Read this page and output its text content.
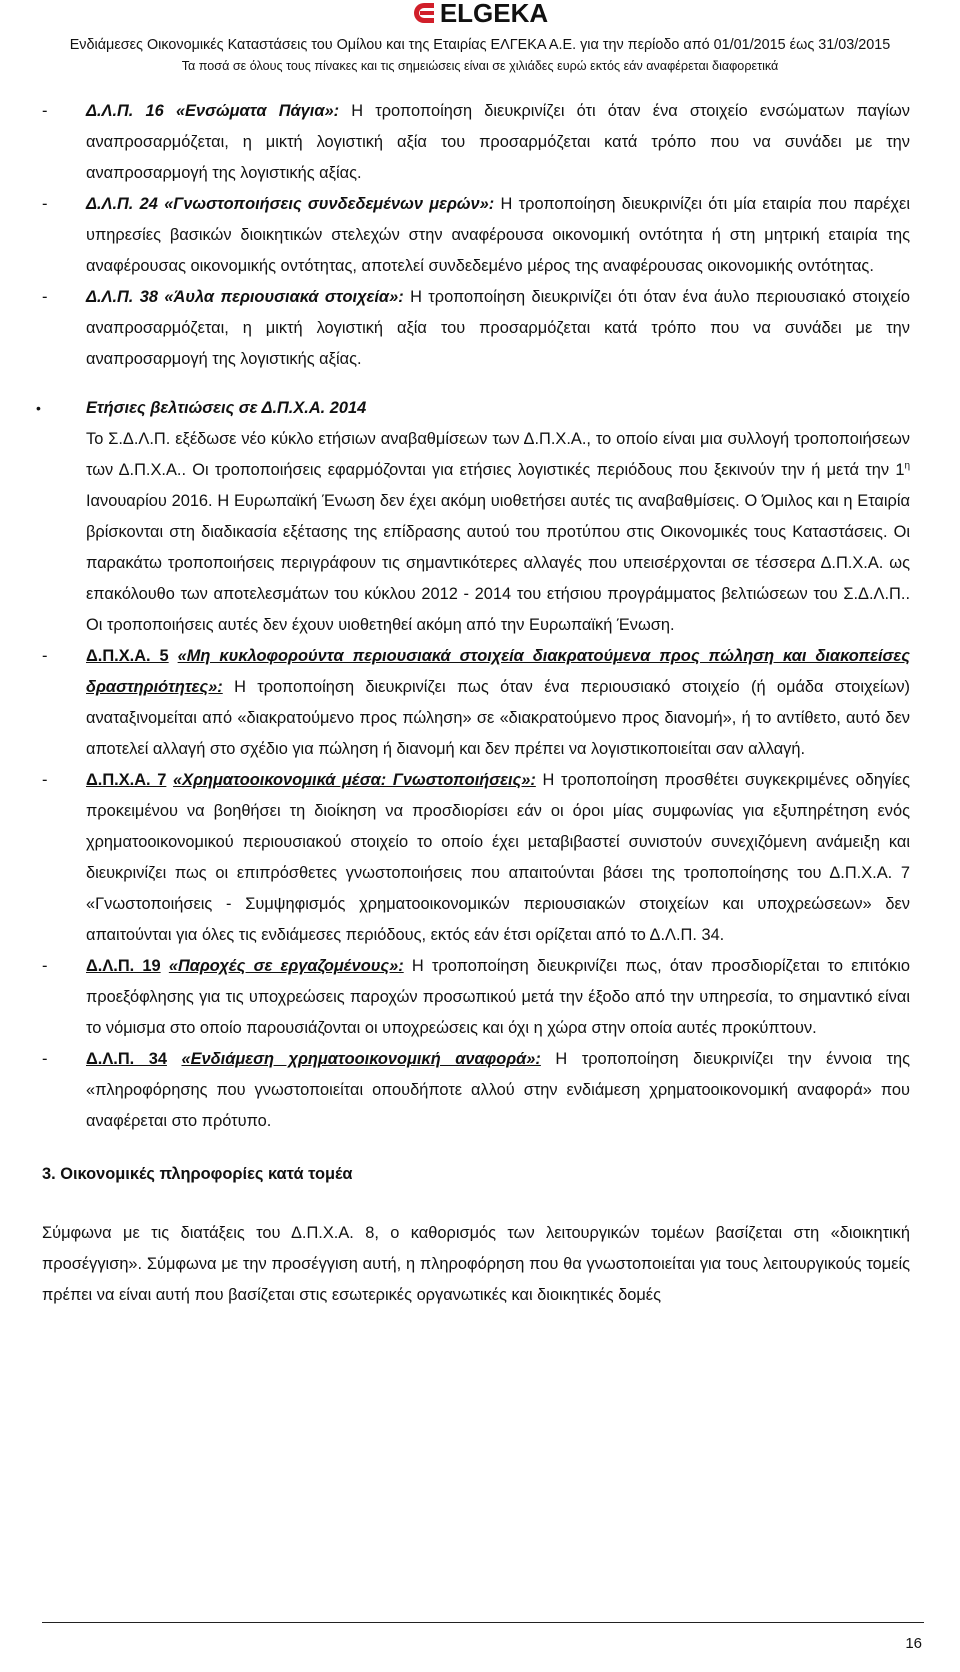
ELGEKA
Ενδιάμεσες Οικονομικές Καταστάσεις του Ομίλου και της Εταιρίας ΕΛΓΕΚΑ Α.Ε. για την περίοδο από 01/01/2015 έως 31/03/2015
Τα ποσά σε όλους τους πίνακες και τις σημειώσεις είναι σε χιλιάδες ευρώ εκτός εάν αναφέρεται διαφορετικά

- Δ.Λ.Π. 16 «Ενσώματα Πάγια»: Η τροποποίηση διευκρινίζει ότι όταν ένα στοιχείο ενσώματων παγίων αναπροσαρμόζεται, η μικτή λογιστική αξία του προσαρμόζεται κατά τρόπο που να συνάδει με την αναπροσαρμογή της λογιστικής αξίας.

- Δ.Λ.Π. 24 «Γνωστοποιήσεις συνδεδεμένων μερών»: Η τροποποίηση διευκρινίζει ότι μία εταιρία που παρέχει υπηρεσίες βασικών διοικητικών στελεχών στην αναφέρουσα οικονομική οντότητα ή στη μητρική εταιρία της αναφέρουσας οικονομικής οντότητας, αποτελεί συνδεδεμένο μέρος της αναφέρουσας οικονομικής οντότητας.

- Δ.Λ.Π. 38 «Άυλα περιουσιακά στοιχεία»: Η τροποποίηση διευκρινίζει ότι όταν ένα άυλο περιουσιακό στοιχείο αναπροσαρμόζεται, η μικτή λογιστική αξία του προσαρμόζεται κατά τρόπο που να συνάδει με την αναπροσαρμογή της λογιστικής αξίας.

•	Ετήσιες βελτιώσεις σε Δ.Π.Χ.Α. 2014

Το Σ.Δ.Λ.Π. εξέδωσε νέο κύκλο ετήσιων αναβαθμίσεων των Δ.Π.Χ.Α., το οποίο είναι μια συλλογή τροποποιήσεων των Δ.Π.Χ.Α.. Οι τροποποιήσεις εφαρμόζονται για ετήσιες λογιστικές περιόδους που ξεκινούν την ή μετά την $1^\eta$ Ιανουαρίου 2016. Η Ευρωπαϊκή Ένωση δεν έχει ακόμη υιοθετήσει αυτές τις αναβαθμίσεις. Ο Όμιλος και η Εταιρία βρίσκονται στη διαδικασία εξέτασης της επίδρασης αυτού του προτύπου στις Οικονομικές τους Καταστάσεις. Οι παρακάτω τροποποιήσεις περιγράφουν τις σημαντικότερες αλλαγές που υπεισέρχονται σε τέσσερα Δ.Π.Χ.Α. ως επακόλουθο των αποτελεσμάτων του κύκλου 2012 - 2014 του ετήσιου προγράμματος βελτιώσεων του Σ.Δ.Λ.Π.. Οι τροποποιήσεις αυτές δεν έχουν υιοθετηθεί ακόμη από την Ευρωπαϊκή Ένωση.

- Δ.Π.Χ.Α. 5 «Μη κυκλοφορούντα περιουσιακά στοιχεία διακρατούμενα προς πώληση και διακοπείσες δραστηριότητες»: Η τροποποίηση διευκρινίζει πως όταν ένα περιουσιακό στοιχείο (ή ομάδα στοιχείων) αναταξινομείται από «διακρατούμενο προς πώληση» σε «διακρατούμενο προς διανομή», ή το αντίθετο, αυτό δεν αποτελεί αλλαγή στο σχέδιο για πώληση ή διανομή και δεν πρέπει να λογιστικοποιείται σαν αλλαγή.

- Δ.Π.Χ.Α. 7 «Χρηματοοικονομικά μέσα: Γνωστοποιήσεις»: Η τροποποίηση προσθέτει συγκεκριμένες οδηγίες προκειμένου να βοηθήσει τη διοίκηση να προσδιορίσει εάν οι όροι μίας συμφωνίας για εξυπηρέτηση ενός χρηματοοικονομικού περιουσιακού στοιχείο το οποίο έχει μεταβιβαστεί συνιστούν συνεχιζόμενη ανάμειξη και διευκρινίζει πως οι επιπρόσθετες γνωστοποιήσεις που απαιτούνται βάσει της τροποποίησης του Δ.Π.Χ.Α. 7 «Γνωστοποιήσεις - Συμψηφισμός χρηματοοικονομικών περιουσιακών στοιχείων και υποχρεώσεων» δεν απαιτούνται για όλες τις ενδιάμεσες περιόδους, εκτός εάν έτσι ορίζεται από το Δ.Λ.Π. 34.

- Δ.Λ.Π. 19 «Παροχές σε εργαζομένους»: Η τροποποίηση διευκρινίζει πως, όταν προσδιορίζεται το επιτόκιο προεξόφλησης για τις υποχρεώσεις παροχών προσωπικού μετά την έξοδο από την υπηρεσία, το σημαντικό είναι το νόμισμα στο οποίο παρουσιάζονται οι υποχρεώσεις και όχι η χώρα στην οποία αυτές προκύπτουν.

- Δ.Λ.Π. 34 «Ενδιάμεση χρηματοοικονομική αναφορά»: Η τροποποίηση διευκρινίζει την έννοια της «πληροφόρησης που γνωστοποιείται οπουδήποτε αλλού στην ενδιάμεση χρηματοοικονομική αναφορά» που αναφέρεται στο πρότυπο.

3. Οικονομικές πληροφορίες κατά τομέα

Σύμφωνα με τις διατάξεις του Δ.Π.Χ.Α. 8, ο καθορισμός των λειτουργικών τομέων βασίζεται στη «διοικητική προσέγγιση». Σύμφωνα με την προσέγγιση αυτή, η πληροφόρηση που θα γνωστοποιείται για τους λειτουργικούς τομείς πρέπει να είναι αυτή που βασίζεται στις εσωτερικές οργανωτικές και διοικητικές δομές

16
